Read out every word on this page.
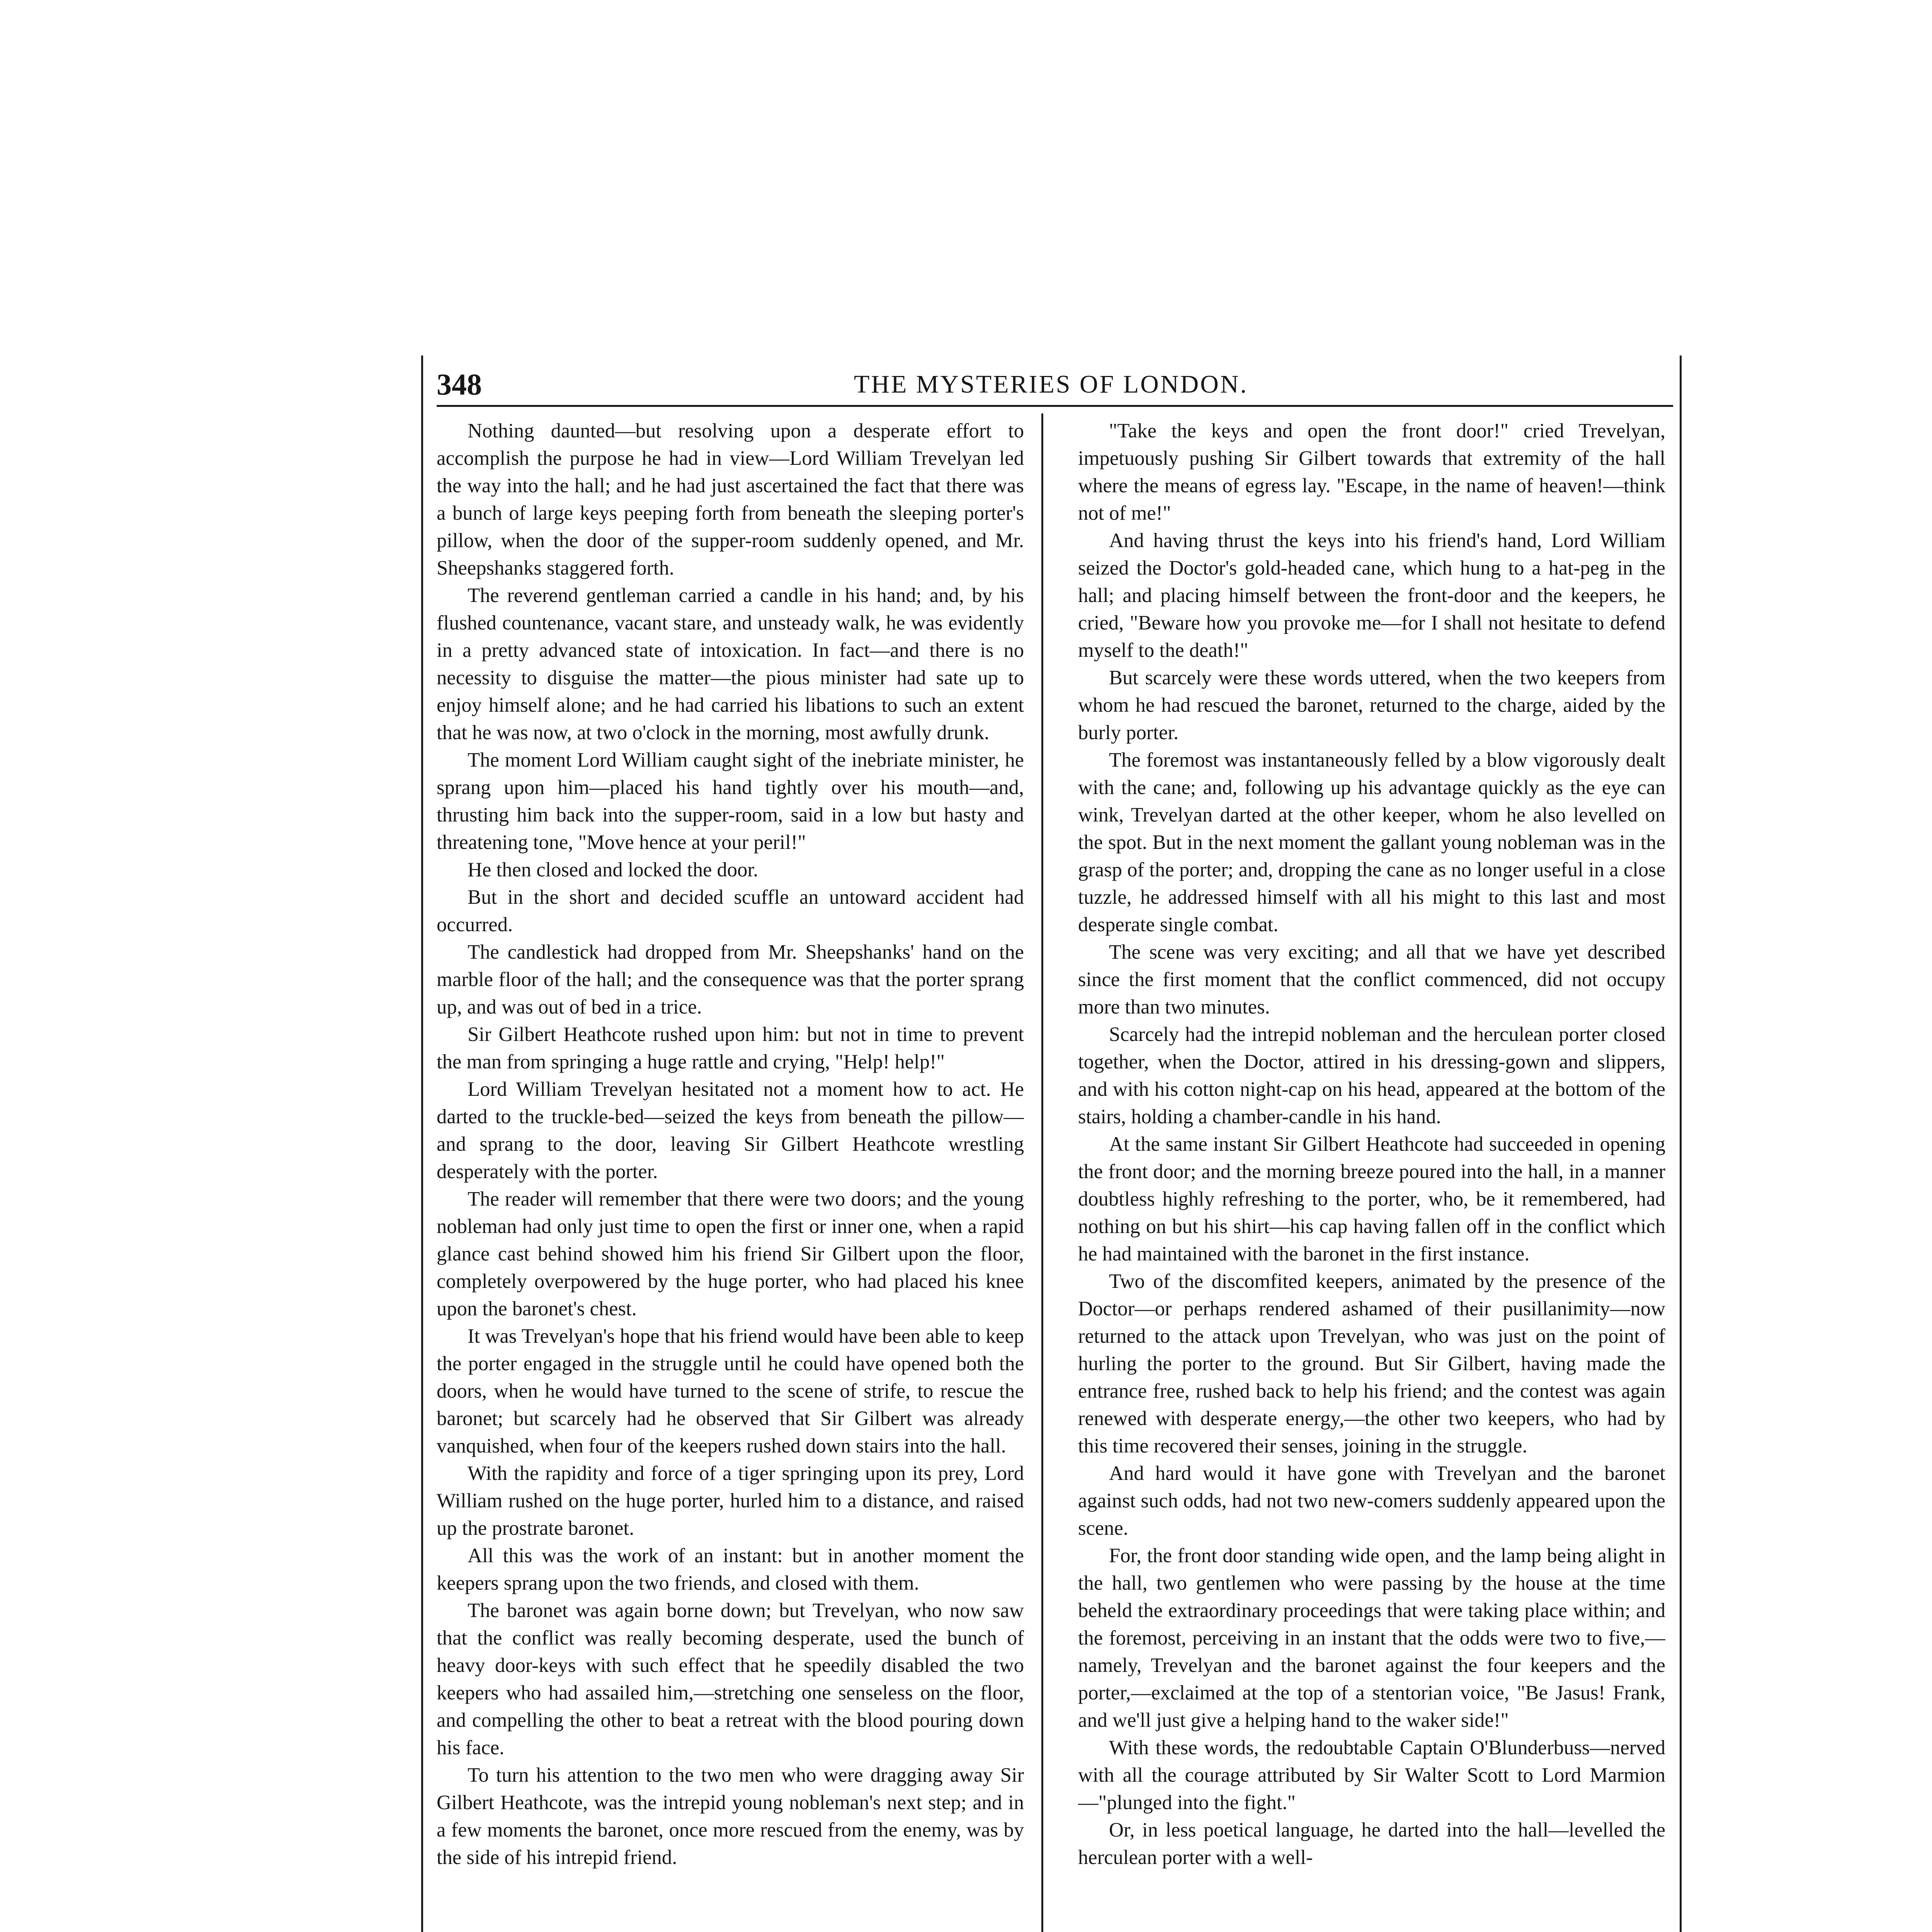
348	THE MYSTERIES OF LONDON.

Nothing daunted—but resolving upon a desperate effort to accomplish the purpose he had in view—Lord William Trevelyan led the way into the hall; and he had just ascertained the fact that there was a bunch of large keys peeping forth from beneath the sleeping porter's pillow, when the door of the supper-room suddenly opened, and Mr. Sheepshanks staggered forth.

The reverend gentleman carried a candle in his hand; and, by his flushed countenance, vacant stare, and unsteady walk, he was evidently in a pretty advanced state of intoxication. In fact—and there is no necessity to disguise the matter—the pious minister had sate up to enjoy himself alone; and he had carried his libations to such an extent that he was now, at two o'clock in the morning, most awfully drunk.

The moment Lord William caught sight of the inebriate minister, he sprang upon him—placed his hand tightly over his mouth—and, thrusting him back into the supper-room, said in a low but hasty and threatening tone, "Move hence at your peril!"

He then closed and locked the door.

But in the short and decided scuffle an untoward accident had occurred.

The candlestick had dropped from Mr. Sheepshanks' hand on the marble floor of the hall; and the consequence was that the porter sprang up, and was out of bed in a trice.

Sir Gilbert Heathcote rushed upon him: but not in time to prevent the man from springing a huge rattle and crying, "Help! help!"

Lord William Trevelyan hesitated not a moment how to act. He darted to the truckle-bed—seized the keys from beneath the pillow—and sprang to the door, leaving Sir Gilbert Heathcote wrestling desperately with the porter.

The reader will remember that there were two doors; and the young nobleman had only just time to open the first or inner one, when a rapid glance cast behind showed him his friend Sir Gilbert upon the floor, completely overpowered by the huge porter, who had placed his knee upon the baronet's chest.

It was Trevelyan's hope that his friend would have been able to keep the porter engaged in the struggle until he could have opened both the doors, when he would have turned to the scene of strife, to rescue the baronet; but scarcely had he observed that Sir Gilbert was already vanquished, when four of the keepers rushed down stairs into the hall.

With the rapidity and force of a tiger springing upon its prey, Lord William rushed on the huge porter, hurled him to a distance, and raised up the prostrate baronet.

All this was the work of an instant: but in another moment the keepers sprang upon the two friends, and closed with them.

The baronet was again borne down; but Trevelyan, who now saw that the conflict was really becoming desperate, used the bunch of heavy door-keys with such effect that he speedily disabled the two keepers who had assailed him,—stretching one senseless on the floor, and compelling the other to beat a retreat with the blood pouring down his face.

To turn his attention to the two men who were dragging away Sir Gilbert Heathcote, was the intrepid young nobleman's next step; and in a few moments the baronet, once more rescued from the enemy, was by the side of his intrepid friend.

"Take the keys and open the front door!" cried Trevelyan, impetuously pushing Sir Gilbert towards that extremity of the hall where the means of egress lay. "Escape, in the name of heaven!—think not of me!"

And having thrust the keys into his friend's hand, Lord William seized the Doctor's gold-headed cane, which hung to a hat-peg in the hall; and placing himself between the front-door and the keepers, he cried, "Beware how you provoke me—for I shall not hesitate to defend myself to the death!"

But scarcely were these words uttered, when the two keepers from whom he had rescued the baronet, returned to the charge, aided by the burly porter.

The foremost was instantaneously felled by a blow vigorously dealt with the cane; and, following up his advantage quickly as the eye can wink, Trevelyan darted at the other keeper, whom he also levelled on the spot. But in the next moment the gallant young nobleman was in the grasp of the porter; and, dropping the cane as no longer useful in a close tuzzle, he addressed himself with all his might to this last and most desperate single combat.

The scene was very exciting; and all that we have yet described since the first moment that the conflict commenced, did not occupy more than two minutes.

Scarcely had the intrepid nobleman and the herculean porter closed together, when the Doctor, attired in his dressing-gown and slippers, and with his cotton night-cap on his head, appeared at the bottom of the stairs, holding a chamber-candle in his hand.

At the same instant Sir Gilbert Heathcote had succeeded in opening the front door; and the morning breeze poured into the hall, in a manner doubtless highly refreshing to the porter, who, be it remembered, had nothing on but his shirt—his cap having fallen off in the conflict which he had maintained with the baronet in the first instance.

Two of the discomfited keepers, animated by the presence of the Doctor—or perhaps rendered ashamed of their pusillanimity—now returned to the attack upon Trevelyan, who was just on the point of hurling the porter to the ground. But Sir Gilbert, having made the entrance free, rushed back to help his friend; and the contest was again renewed with desperate energy,—the other two keepers, who had by this time recovered their senses, joining in the struggle.

And hard would it have gone with Trevelyan and the baronet against such odds, had not two new-comers suddenly appeared upon the scene.

For, the front door standing wide open, and the lamp being alight in the hall, two gentlemen who were passing by the house at the time beheld the extraordinary proceedings that were taking place within; and the foremost, perceiving in an instant that the odds were two to five,—namely, Trevelyan and the baronet against the four keepers and the porter,—exclaimed at the top of a stentorian voice, "Be Jasus! Frank, and we'll just give a helping hand to the waker side!"

With these words, the redoubtable Captain O'Blunderbuss—nerved with all the courage attributed by Sir Walter Scott to Lord Marmion—"plunged into the fight."

Or, in less poetical language, he darted into the hall—levelled the herculean porter with a well-
